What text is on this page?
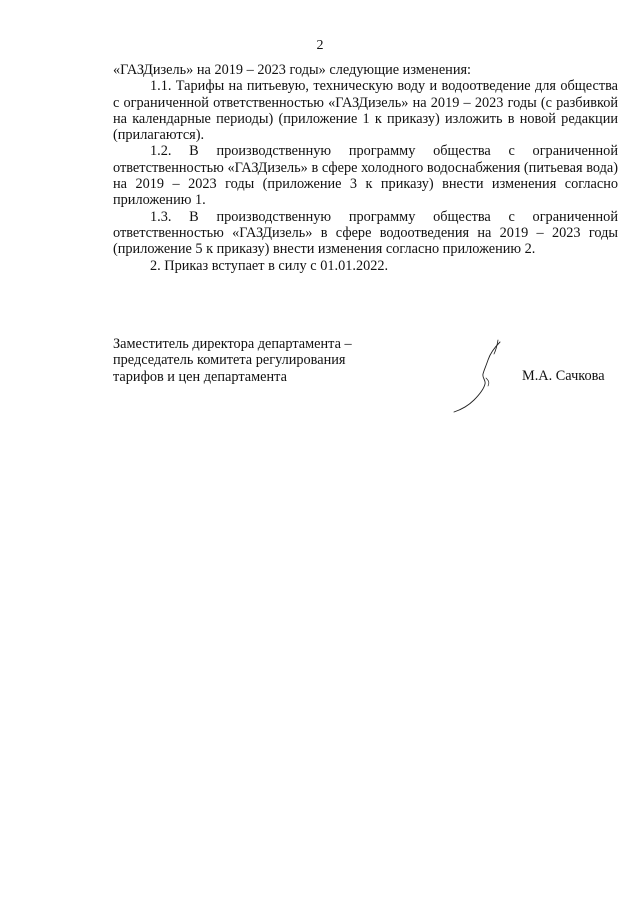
2

«ГАЗДизель» на 2019 – 2023 годы» следующие изменения:

1.1. Тарифы на питьевую, техническую воду и водоотведение для общества с ограниченной ответственностью «ГАЗДизель» на 2019 – 2023 годы (с разбивкой на календарные периоды) (приложение 1 к приказу) изложить в новой редакции (прилагаются).

1.2. В производственную программу общества с ограниченной ответственностью «ГАЗДизель» в сфере холодного водоснабжения (питьевая вода) на 2019 – 2023 годы (приложение 3 к приказу) внести изменения согласно приложению 1.

1.3. В производственную программу общества с ограниченной ответственностью «ГАЗДизель» в сфере водоотведения на 2019 – 2023 годы (приложение 5 к приказу) внести изменения согласно приложению 2.

2. Приказ вступает в силу с 01.01.2022.

Заместитель директора департамента –
председатель комитета регулирования
тарифов и цен департамента	М.А. Сачкова
